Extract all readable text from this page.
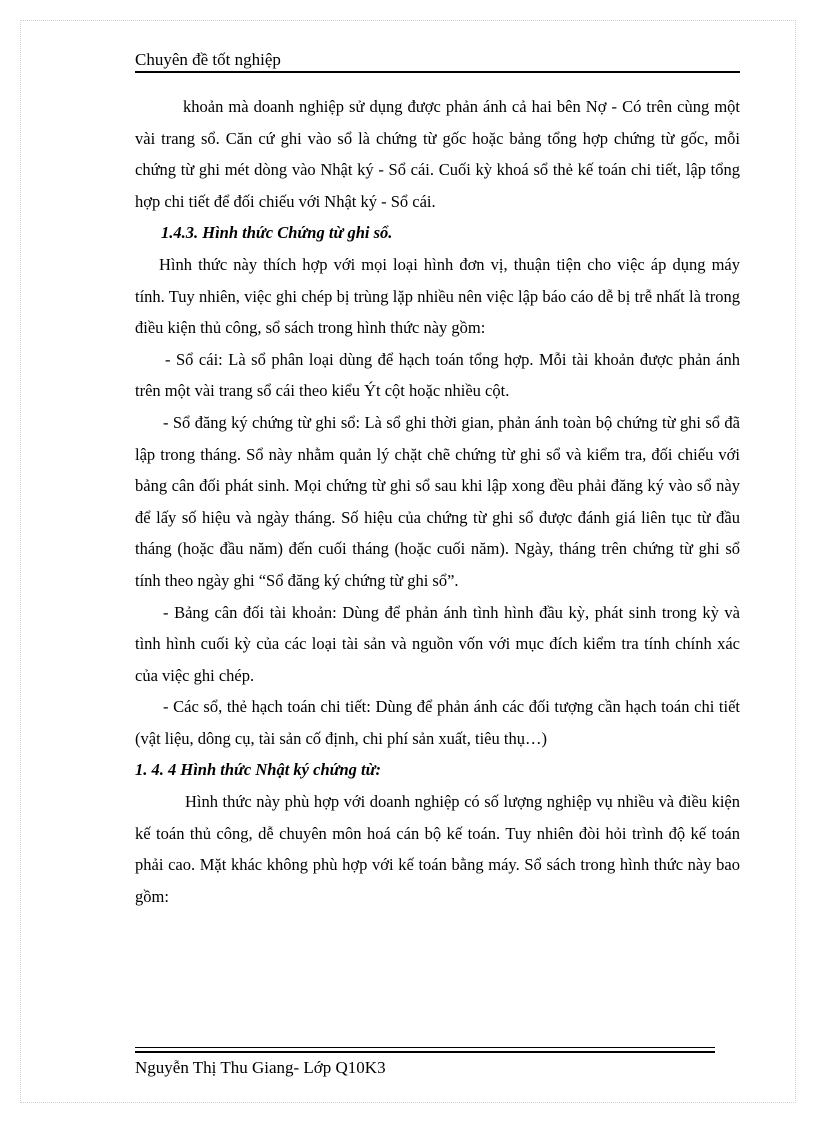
Chuyên đề tốt nghiệp

khoản mà doanh nghiệp sử dụng được phản ánh cả hai bên Nợ - Có trên cùng một vài trang sổ. Căn cứ ghi vào sổ là chứng từ gốc hoặc bảng tổng hợp chứng từ gốc, mỗi chứng từ ghi mét dòng vào Nhật ký - Sổ cái. Cuối kỳ khoá sổ thẻ kế toán chi tiết, lập tổng hợp chi tiết để đối chiếu với Nhật ký - Sổ cái.

1.4.3. Hình thức Chứng từ ghi sổ.

Hình thức này thích hợp với mọi loại hình đơn vị, thuận tiện cho việc áp dụng máy tính. Tuy nhiên, việc ghi chép bị trùng lặp nhiều nên việc lập báo cáo dễ bị trễ nhất là trong điều kiện thủ công, sổ sách trong hình thức này gồm:

- Sổ cái: Là sổ phân loại dùng để hạch toán tổng hợp. Mỗi tài khoản được phản ánh trên một vài trang sổ cái theo kiểu Ýt cột hoặc nhiều cột.

- Sổ đăng ký chứng từ ghi sổ: Là sổ ghi thời gian, phản ánh toàn bộ chứng từ ghi sổ đã lập trong tháng. Sổ này nhằm quản lý chặt chẽ chứng từ ghi sổ và kiểm tra, đối chiếu với bảng cân đối phát sinh. Mọi chứng từ ghi sổ sau khi lập xong đều phải đăng ký vào sổ này để lấy số hiệu và ngày tháng. Số hiệu của chứng từ ghi sổ được đánh giá liên tục từ đầu tháng (hoặc đầu năm) đến cuối tháng (hoặc cuối năm). Ngày, tháng trên chứng từ ghi sổ tính theo ngày ghi “Sổ đăng ký chứng từ ghi sổ”.

- Bảng cân đối tài khoản: Dùng để phản ánh tình hình đầu kỳ, phát sinh trong kỳ và tình hình cuối kỳ của các loại tài sản và nguồn vốn với mục đích kiểm tra tính chính xác của việc ghi chép.

- Các sổ, thẻ hạch toán chi tiết: Dùng để phản ánh các đối tượng cần hạch toán chi tiết (vật liệu, dông cụ, tài sản cố định, chi phí sản xuất, tiêu thụ…)

1. 4. 4 Hình thức Nhật ký chứng từ:

Hình thức này phù hợp với doanh nghiệp có số lượng nghiệp vụ nhiều và điều kiện kế toán thủ công, dễ chuyên môn hoá cán bộ kế toán. Tuy nhiên đòi hỏi trình độ kế toán phải cao. Mặt khác không phù hợp với kế toán bằng máy. Sổ sách trong hình thức này bao gồm:

Nguyễn Thị Thu Giang- Lớp Q10K3
